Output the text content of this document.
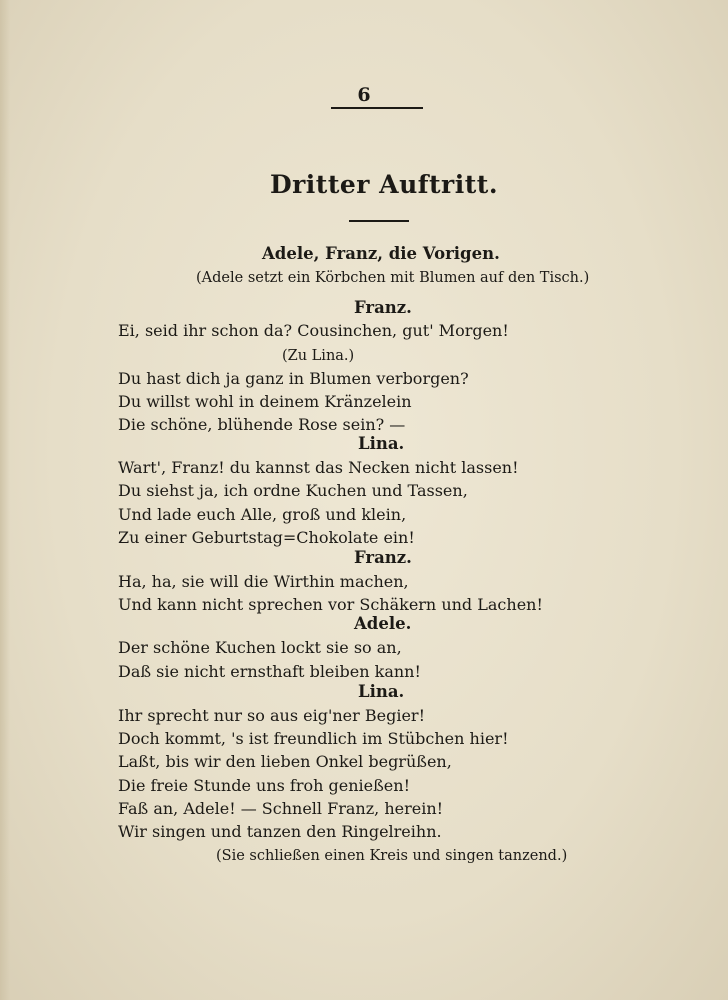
6
Dritter Auftritt.
Adele, Franz, die Vorigen.
(Adele setzt ein Körbchen mit Blumen auf den Tisch.)
Franz.
Ei, seid ihr schon da? Cousinchen, gut' Morgen!
(Zu Lina.)
Du hast dich ja ganz in Blumen verborgen?
Du willst wohl in deinem Kränzelein
Die schöne, blühende Rose sein? —
Lina.
Wart', Franz! du kannst das Necken nicht lassen!
Du siehst ja, ich ordne Kuchen und Tassen,
Und lade euch Alle, groß und klein,
Zu einer Geburtstag=Chokolate ein!
Franz.
Ha, ha, sie will die Wirthin machen,
Und kann nicht sprechen vor Schäkern und Lachen!
Adele.
Der schöne Kuchen lockt sie so an,
Daß sie nicht ernsthaft bleiben kann!
Lina.
Ihr sprecht nur so aus eig'ner Begier!
Doch kommt, 's ist freundlich im Stübchen hier!
Laßt, bis wir den lieben Onkel begrüßen,
Die freie Stunde uns froh genießen!
Faß an, Adele! — Schnell Franz, herein!
Wir singen und tanzen den Ringelreihn.
(Sie schließen einen Kreis und singen tanzend.)
